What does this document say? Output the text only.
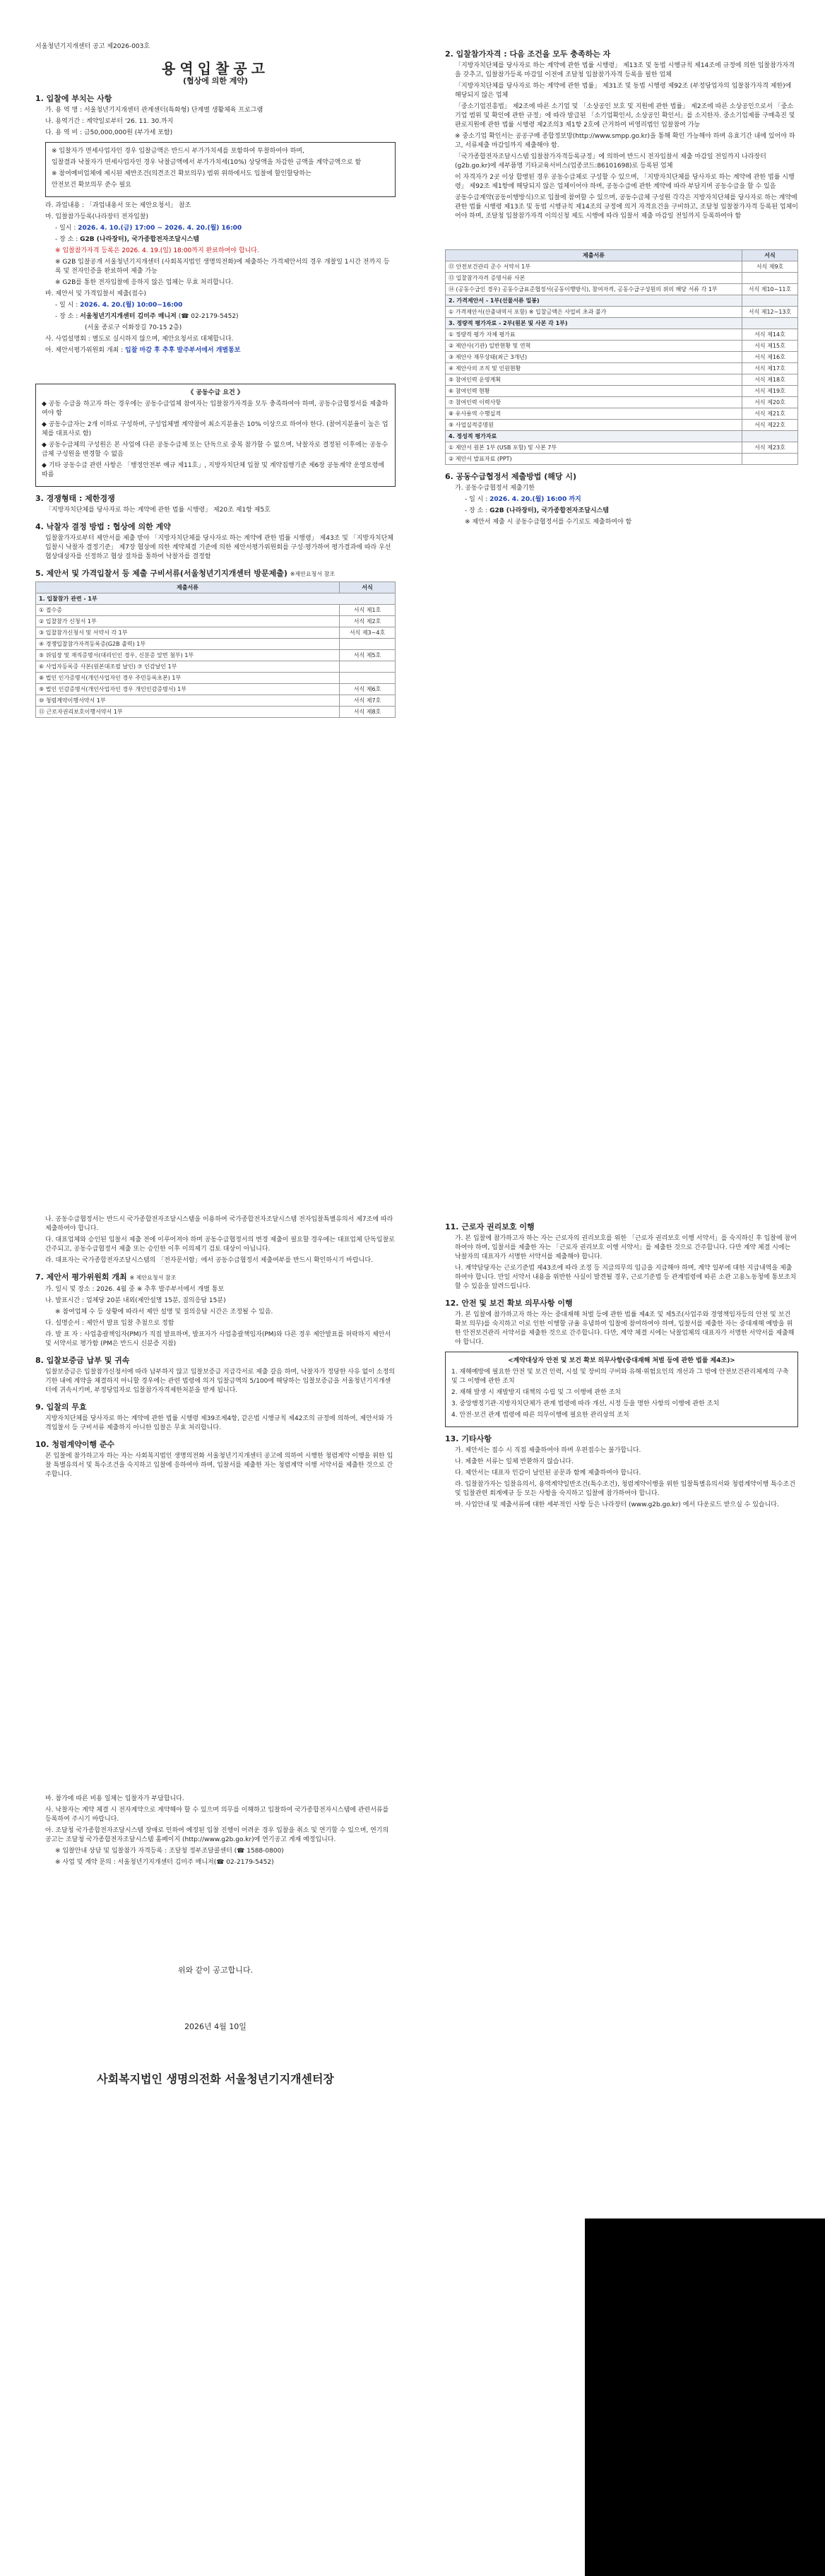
서울청년기지개센터 공고 제2026-003호

용역입찰공고
(협상에 의한 계약)
1. 입찰에 부치는 사항

가. 용 역 명 : 서울청년기지개센터 관계센터(특화형) 단계별 생활체육 프로그램

나. 용역기간 : 계약일로부터 '26. 11. 30.까지

다. 용 역 비 : 금50,000,000원 (부가세 포함)

※ 입찰자가 면세사업자인 경우 입찰금액은 반드시 부가가치세를 포함하여 투찰하여야 하며,

입찰결과 낙찰자가 면세사업자인 경우 낙찰금액에서 부가가치세(10%) 상당액을 차감한 금액을 계약금액으로 함

※ 참여예비업체에 제시된 제반조건(의견조건 확보의무) 범위 위하에서도 입찰에 할인할당하는

안전보건 확보의무 준수 필요

라. 과업내용 : 「과업내용서 또는 제안요청서」 참조

마. 입찰참가등록(나라장터 전자입찰)

- 일시 : 2026. 4. 10.(금) 17:00 ~ 2026. 4. 20.(월) 16:00

- 장 소 : G2B (나라장터), 국가종합전자조달시스템

※ 입찰참가자격 등록은 2026. 4. 19.(일) 18:00까지 완료하여야 합니다.

※ G2B 입찰공개 서울청년기지개센터 (사회복지법인 생명의전화)에 제출하는 가격제안서의 경우 개찰일 1시간 전까지 등록 및 전자인증을 완료하여 제출 가능

※ G2B를 통한 전자입찰에 응하지 않은 업체는 무효 처리합니다.

바. 제안서 및 가격입찰서 제출(접수)

- 일 시 : 2026. 4. 20.(월) 10:00~16:00

- 장 소 : 서울청년기지개센터 김미주 매니저 (☎ 02-2179-5452)

(서울 종로구 이화장길 70-15 2층)

사. 사업설명회 : 별도로 실시하지 않으며, 제안요청서로 대체합니다.

아. 제안서평가위원회 개최 : 입찰 마감 후 추후 발주부서에서 개별통보

《 공동수급 요건 》

◆ 공동 수급을 하고자 하는 경우에는 공동수급업체 참여자는 입찰참가자격을 모두 충족하여야 하며, 공동수급협정서를 제출하여야 함

◆ 공동수급자는 2개 이하로 구성하며, 구성업체별 계약참여 최소지분율은 10% 이상으로 하여야 한다. (참여지분율이 높은 업체를 대표사로 함)

◆ 공동수급체의 구성원은 본 사업에 다른 공동수급체 또는 단독으로 중복 참가할 수 없으며, 낙찰자로 결정된 이후에는 공동수급체 구성원을 변경할 수 없음

◆ 기타 공동수급 관련 사항은 「행정안전부 예규 제11호」, 지방자치단체 입찰 및 계약집행기준 제6장 공동계약 운영요령에 따름

3. 경쟁형태 : 제한경쟁

「지방자치단체를 당사자로 하는 계약에 관한 법률 시행령」 제20조 제1항 제5호

4. 낙찰자 결정 방법 : 협상에 의한 계약

입찰참가자로부터 제안서를 제출 받아 「지방자치단체를 당사자로 하는 계약에 관한 법률 시행령」 제43조 및 「지방자치단체 입찰시 낙찰자 결정기준」 제7장 협상에 의한 계약체결 기준에 의한 제안서평가위원회를 구성·평가하여 평가결과에 따라 우선협상대상자를 선정하고 협상 절차를 통하여 낙찰자를 결정함

5. 제안서 및 가격입찰서 등 제출 구비서류(서울청년기지개센터 방문제출) ※제안요청서 참조
제출서류	서식
1. 입찰참가 관련 - 1부	
① 접수증	서식 제1호
② 입찰참가 신청서 1부	서식 제2호
③ 입찰참가신청서 및 서약서 각 1부	서식 제3~4호
④ 경쟁입찰참가자격등록증(G2B 출력) 1부	
⑤ 위임장 및 재직증명서(대리인인 경우, 신분증 앞면 첨부) 1부	서식 제5호
⑥ 사업자등록증 사본(원본대조필 날인) ⑦ 인감날인 1부	
⑧ 법인 인가증명서(개인사업자인 경우 주민등록초본) 1부	
⑨ 법인 인감증명서(개인사업자인 경우 개인인감증명서) 1부	서식 제6호
⑩ 청렴계약이행서약서 1부	서식 제7호
⑪ 근로자권리보호이행서약서 1부	서식 제8호
2. 입찰참가자격 : 다음 조건을 모두 충족하는 자

「지방자치단체를 당사자로 하는 계약에 관한 법률 시행령」 제13조 및 동법 시행규칙 제14조에 규정에 의한 입찰참가자격을 갖추고, 입찰참가등록 마감일 이전에 조달청 입찰참가자격 등록을 필한 업체

「지방자치단체를 당사자로 하는 계약에 관한 법률」 제31조 및 동법 시행령 제92조 (부정당업자의 입찰참가자격 제한)에 해당되지 않은 업체

「중소기업진흥법」 제2조에 따른 소기업 및 「소상공인 보호 및 지원에 관한 법률」 제2조에 따른 소상공인으로서 「중소기업 범위 및 확인에 관한 규정」에 따라 발급된 「소기업확인서, 소상공인 확인서」를 소지한자. 중소기업제품 구매촉진 및 판로지원에 관한 법률 시행령 제2조의3 제1항 2호에 근거하여 비영리법인 입찰참여 가능

※ 중소기업 확인서는 공공구매 종합정보망(http://www.smpp.go.kr)을 통해 확인 가능해야 하며 유효기간 내에 있어야 하고, 서류제출 마감일까지 제출해야 함.

「국가종합전자조달시스템 입찰참가자격등록규정」에 의하여 반드시 전자입찰서 제출 마감일 전일까지 나라장터(g2b.go.kr)에 세부품명 기타교육서비스(업종코드:86101698)로 등록된 업체

이 자격자가 2곳 이상 합병된 경우 공동수급체로 구성할 수 있으며, 「지방자치단체를 당사자로 하는 계약에 관한 법률 시행령」 제92조 제1항에 해당되지 않은 업체이어야 하며, 공동수급에 관한 계약에 따라 부담지며 공동수급을 할 수 있음

공동수급계약(공동이행방식)으로 입찰에 참여할 수 있으며, 공동수급체 구성원 각각은 지방자치단체를 당사자로 하는 계약에 관한 법률 시행령 제13조 및 동법 시행규칙 제14조의 규정에 의거 자격요건을 구비하고, 조달청 입찰참가자격 등록된 업체이어야 하며, 조달청 입찰참가자격 이의신청 제도 시행에 따라 입찰서 제출 마감일 전일까지 등록하여야 함

제출서류	서식
⑫ 안전보건관리 준수 서약서 1부	서식 제9호
⑬ 입찰참가자격 증명서류 사본	
⑭ (공동수급인 경우) 공동수급표준협정서(공동이행방식), 참여자격, 공동수급구성원의 위의 해당 서류 각 1부	서식 제10~11호
2. 가격제안서 - 1부(선물서류 밀봉)	
① 가격제안서(산출내역서 포함) ※ 입찰금액은 사업비 초과 불가	서식 제12~13호
3. 정량적 평가자료 - 2부(원본 및 사본 각 1부)	
① 정량적 평가 자체 평가표	서식 제14호
② 제안사(기관) 일반현황 및 연혁	서식 제15호
③ 제안사 재무상태(최근 3개년)	서식 제16호
④ 제안사의 조직 및 인원현황	서식 제17호
⑤ 참여인력 운영계획	서식 제18호
⑥ 참여인력 현황	서식 제19호
⑦ 참여인력 이력사항	서식 제20호
⑧ 유사용역 수행실적	서식 제21호
⑨ 사업실적증명원	서식 제22호
4. 정성적 평가자료	
① 제안서 원본 1부 (USB 포함) 및 사본 7부	서식 제23호
② 제안서 발표자료 (PPT)	
6. 공동수급협정서 제출방법 (해당 시)

가. 공동수급협정서 제출기한

- 일 시 : 2026. 4. 20.(월) 16:00 까지

- 장 소 : G2B (나라장터), 국가종합전자조달시스템

※ 제안서 제출 시 공동수급협정서를 수기로도 제출하여야 함

나. 공동수급협정서는 반드시 국가종합전자조달시스템을 이용하여 국가종합전자조달시스템 전자입찰특별유의서 제7조에 따라 제출하여야 합니다.

다. 대표업체와 승인된 입찰서 제출 전에 이루어져야 하며 공동수급협정서의 변경 제출이 필요할 경우에는 대표업체 단독입찰로 간주되고, 공동수급협정서 제출 또는 승인한 이후 이의제기 검토 대상이 아닙니다.

라. 대표자는 국가종합전자조달시스템의 「전자문서함」에서 공동수급협정서 제출여부를 반드시 확인하시기 바랍니다.

7. 제안서 평가위원회 개최 ※ 제안요청서 참조

가. 일시 및 장소 : 2026. 4월 중 ※ 추후 발주부서에서 개별 통보

나. 발표시간 : 업체당 20분 내외(제안설명 15분, 질의응답 15분)

※ 참여업체 수 등 상황에 따라서 제안 설명 및 질의응답 시간은 조정될 수 있음.

다. 설명순서 : 제안서 발표 입찰 추첨으로 정함

라. 발 표 자 : 사업총괄책임자(PM)가 직접 발표하며, 발표자가 사업총괄책임자(PM)와 다른 경우 제안발표를 허락하지 제안서 및 서약서로 평가함 (PM은 반드시 신분증 지참)

8. 입찰보증금 납부 및 귀속

입찰보증금은 입찰참가신청서에 따라 납부하지 않고 입찰보증금 지급각서로 제출 갈음 하며, 낙찰자가 정당한 사유 없이 소정의 기한 내에 계약을 체결하지 아니할 경우에는 관련 법령에 의거 입찰금액의 5/100에 해당하는 입찰보증금을 서울청년기지개센터에 귀속시키며, 부정당업자로 입찰참가자격제한처분을 받게 됩니다.

9. 입찰의 무효

지방자치단체를 당사자로 하는 계약에 관한 법률 시행령 제39조제4항, 같은법 시행규칙 제42조의 규정에 의하여, 제안서와 가격입찰서 등 구비서류 제출하지 아니한 입찰은 무효 처리합니다.

10. 청렴계약이행 준수

본 입찰에 참가하고자 하는 자는 사회복지법인 생명의전화 서울청년기지개센터 공고에 의하여 시행한 청렴계약 이행을 위한 입찰 특별유의서 및 특수조건을 숙지하고 입찰에 응하여야 하며, 입찰서를 제출한 자는 청렴계약 이행 서약서를 제출한 것으로 간주합니다.

11. 근로자 권리보호 이행

가. 본 입찰에 참가하고자 하는 자는 근로자의 권리보호를 위한 「근로자 권리보호 이행 서약서」를 숙지하신 후 입찰에 참여하여야 하며, 입찰서를 제출한 자는 「근로자 권리보호 이행 서약서」를 제출한 것으로 간주합니다. 다만 계약 체결 시에는 낙찰자의 대표자가 서명한 서약서를 제출해야 합니다.

나. 계약담당자는 근로기준법 제43조에 따라 조정 등 지급의무의 임금을 지급해야 하며, 계약 일부에 대한 지급내역을 제출하여야 합니다. 만일 서약서 내용을 위반한 사실이 발견될 경우, 근로기준법 등 관계법령에 따른 소관 고용노동청에 통보조치 할 수 있음을 알려드립니다.

12. 안전 및 보건 확보 의무사항 이행

가. 본 입찰에 참가하고자 하는 자는 중대재해 처벌 등에 관한 법률 제4조 및 제5조(사업주와 경영책임자등의 안전 및 보건 확보 의무)를 숙지하고 이로 인한 이행할 규율 유념하여 입찰에 참여하여야 하며, 입찰서를 제출한 자는 중대재해 예방을 위한 안전보건관리 서약서를 제출한 것으로 간주합니다. 다만, 계약 체결 시에는 낙찰업체의 대표자가 서명한 서약서를 제출해야 합니다.

<계약대상자 안전 및 보건 확보 의무사항(중대재해 처벌 등에 관한 법률 제4조)>

1. 재해예방에 필요한 안전 및 보건 인력, 시설 및 장비의 구비와 유해·위험요인의 개선과 그 밖에 안전보건관리체계의 구축 및 그 이행에 관한 조치

2. 재해 발생 시 재발방지 대책의 수립 및 그 이행에 관한 조치

3. 중앙행정기관·지방자치단체가 관계 법령에 따라 개선, 시정 등을 명한 사항의 이행에 관한 조치

4. 안전·보건 관계 법령에 따른 의무이행에 필요한 관리상의 조치

13. 기타사항

가. 제안서는 접수 시 직접 제출하여야 하며 우편접수는 불가합니다.

나. 제출한 서류는 일체 반환하지 않습니다.

다. 제안서는 대표자 인감이 날인된 공문과 함께 제출하여야 합니다.

라. 입찰참가자는 입찰유의서, 용역계약일반조건(특수조건), 청렴계약이행을 위한 입찰특별유의서와 청렴계약이행 특수조건 및 입찰관련 회계예규 등 모든 사항을 숙지하고 입찰에 참가하여야 합니다.

마. 사업안내 및 제출서류에 대한 세부적인 사항 등은 나라장터 (www.g2b.go.kr) 에서 다운로드 받으실 수 있습니다.

바. 참가에 따른 비용 일체는 입찰자가 부담합니다.

사. 낙찰자는 계약 체결 시 전자계약으로 계약해야 할 수 있으며 의무를 이해하고 입찰하여 국가종합전자시스템에 관련서류를 등록하여 주시기 바랍니다.

아. 조달청 국가종합전자조달시스템 장애로 인하여 예정된 입찰 진행이 어려운 경우 입찰을 취소 및 연기할 수 있으며, 연기의 공고는 조달청 국가종합전자조달시스템 홈페이지 (http://www.g2b.go.kr)에 연기공고 게재 예정입니다.

※ 입찰안내 상담 및 입찰참가 자격등록 : 조달청 정부조달콜센터 (☎ 1588-0800)

※ 사업 및 계약 문의 : 서울청년기지개센터 김미주 매니저(☎ 02-2179-5452)

위와 같이 공고합니다.
2026년 4월 10일
사회복지법인 생명의전화 서울청년기지개센터장
